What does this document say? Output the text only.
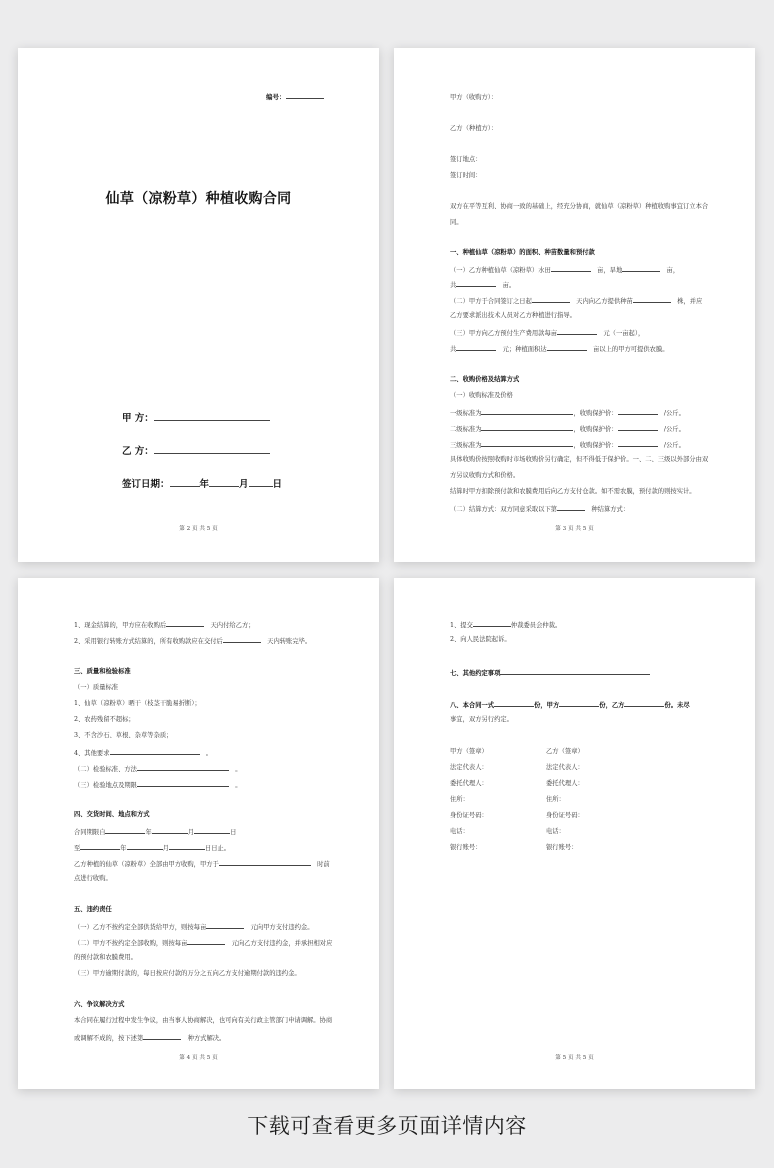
编号：
仙草（凉粉草）种植收购合同
甲 方：
乙 方：
签订日期：	年	月	日
第 2 页 共 5 页
甲方（收购方）：
乙方（种植方）：
签订地点：
签订时间：
双方在平等互利、协商一致的基础上，经充分协商，就仙草（凉粉草）种植收购事宜订立本合
同。
一、种植仙草（凉粉草）的面积、种苗数量和预付款
（一）乙方种植仙草（凉粉草）水田　	亩，旱地　	亩，
共　	亩。
（二）甲方于合同签订之日起　	天内向乙方提供种苗　	株，并应
乙方要求派出技术人员对乙方种植进行指导。
（三）甲方向乙方预付生产费用款每亩　	元（一亩起），
共　	元；种植面积达　	亩以上的甲方可提供农膜。
二、收购价格及结算方式
（一）收购标准及价格
一级标准为	，收购保护价：　	/公斤。
二级标准为	，收购保护价：　	/公斤。
三级标准为	，收购保护价：　	/公斤。
具体收购价按照收购时市场收购价另行确定，但不得低于保护价。一、二、三级以外部分由双
方另议收购方式和价格。
结算时甲方扣除预付款和农膜费用后向乙方支付仓款。如不需农膜，预付款的则按实计。
（二）结算方式：双方同意采取以下第　	种结算方式：
第 3 页 共 5 页
1、现金结算的，甲方应在收购后　	天内付给乙方；
2、采用银行转账方式结算的，所有收购款应在交付后　	天内转账完毕。
三、质量和检验标准
（一）质量标准
1、仙草（凉粉草）晒干（枝茎干脆易折断）；
2、农药残留不超标；
3、不含沙石、草根、杂草等杂质；
4、其他要求　	。
（二）检验标准、方法　	。
（三）检验地点及期限　	。
四、交货时间、地点和方式
合同期限自	年	月	日
至	年	月	日日止。
乙方种植的仙草（凉粉草）全部由甲方收购，甲方于　	时前
点进行收购。
五、违约责任
（一）乙方不按约定全部供货给甲方，则按每亩　	元向甲方支付违约金。
（二）甲方不按约定全部收购，则按每亩　	元向乙方支付违约金，并承担相对应
的预付款和农膜费用。
（三）甲方逾期付款的，每日按应付款的万分之五向乙方支付逾期付款的违约金。
六、争议解决方式
本合同在履行过程中发生争议，由当事人协商解决，也可向有关行政主管部门申请调解。协商
或调解不成的，按下述第　	种方式解决。
第 4 页 共 5 页
1、提交	仲裁委员会仲裁。
2、向人民法院起诉。
七、其他约定事项
八、本合同一式	份，甲方	份，乙方	份。未尽
事宜，双方另行约定。
甲方（签章）	乙方（签章）
法定代表人：	法定代表人：
委托代理人：	委托代理人：
住所：	住所：
身份证号码：	身份证号码：
电话：	电话：
银行账号：	银行账号：
第 5 页 共 5 页
下载可查看更多页面详情内容
